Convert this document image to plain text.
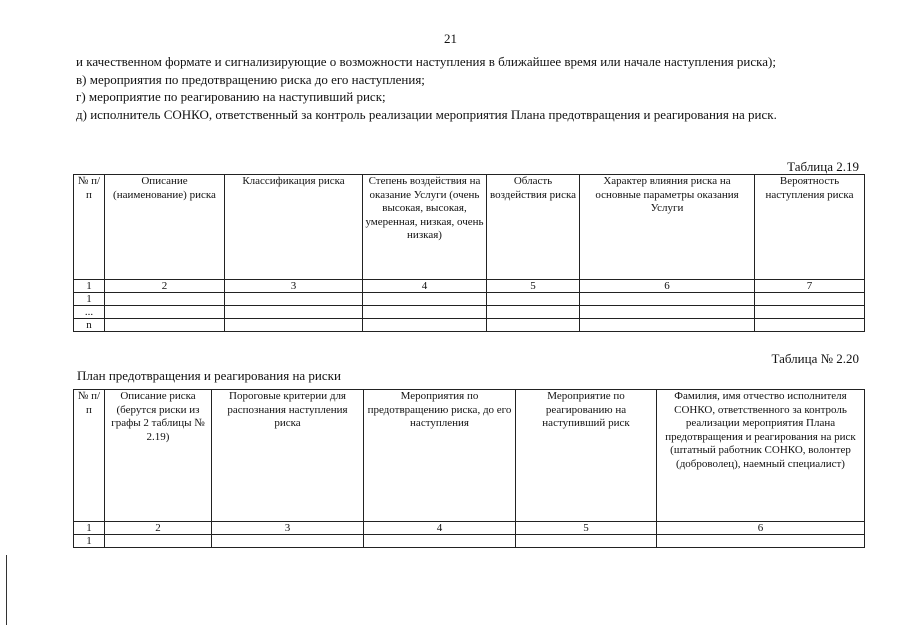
21

и качественном формате и сигнализирующие о возможности наступления в ближайшее время или начале наступления риска);

в) мероприятия по предотвращению риска до его наступления;

г) мероприятие по реагированию на наступивший риск;

д) исполнитель СОНКО, ответственный за контроль реализации мероприятия Плана предотвращения и реагирования на риск.

Таблица 2.19
№ п/п	Описание (наименование) риска	Классификация риска	Степень воздействия на оказание Услуги (очень высокая, высокая, умеренная, низкая, очень низкая)	Область воздействия риска	Характер влияния риска на основные параметры оказания Услуги	Вероятность наступления риска
1	2	3	4	5	6	7
1						
...						
n						
Таблица № 2.20
План предотвращения и реагирования на риски
№ п/п	Описание риска (берутся риски из графы 2 таблицы № 2.19)	Пороговые критерии для распознания наступления риска	Мероприятия по предотвращению риска, до его наступления	Мероприятие по реагированию на наступивший риск	Фамилия, имя отчество исполнителя СОНКО, ответственного за контроль реализации мероприятия Плана предотвращения и реагирования на риск (штатный работник СОНКО, волонтер (доброволец), наемный специалист)
1	2	3	4	5	6
1					
